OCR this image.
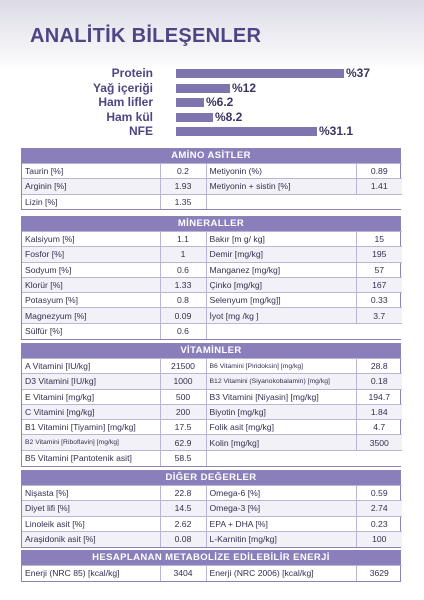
ANALİTİK BİLEŞENLER
Protein	%37
Yağ içeriği	%12
Ham lifler	%6.2
Ham kül	%8.2
NFE	%31.1
AMİNO ASİTLER
Taurin [%]	0.2	Metiyonin (%)	0.89
Arginin [%]	1.93	Metiyonin + sistin [%]	1.41
Lizin [%]	1.35		
MİNERALLER
Kalsiyum [%]	1.1	Bakır [m g/ kg]	15
Fosfor [%]	1	Demir [mg/kg]	195
Sodyum [%]	0.6	Manganez [mg/kg]	57
Klorür [%]	1.33	Çinko [mg/kg]	167
Potasyum [%]	0.8	Selenyum [mg/kg]]	0.33
Magnezyum [%]	0.09	İyot [mg /kg ]	3.7
Sülfür [%]	0.6		
VİTAMİNLER
A Vitamini [IU/kg]	21500	B6 Vitamini [Piridoksin] [mg/kg]	28.8
D3 Vitamini [IU/kg]	1000	B12 Vitamini (Siyanokobalamin) [mg/kg]	0.18
E Vitamini [mg/kg]	500	B3 Vitamini [Niyasin] [mg/kg]	194.7
C Vitamini [mg/kg]	200	Biyotin [mg/kg]	1.84
B1 Vitamini [Tiyamin] [mg/kg]	17.5	Folik asit [mg/kg]	4.7
B2 Vitamini [Riboflavin] [mg/kg]	62.9	Kolin [mg/kg]	3500
B5 Vitamini [Pantotenik asit]	58.5		
DİĞER DEĞERLER
Nişasta [%]	22.8	Omega-6 [%]	0.59
Diyet lifi [%]	14.5	Omega-3 [%]	2.74
Linoleik asit [%]	2.62	EPA + DHA [%]	0.23
Araşidonik asit [%]	0.08	L-Karnitin [mg/kg]	100
HESAPLANAN METABOLİZE EDİLEBİLİR ENERJİ
Enerji (NRC 85) [kcal/kg]	3404	Enerji (NRC 2006) [kcal/kg]	3629
